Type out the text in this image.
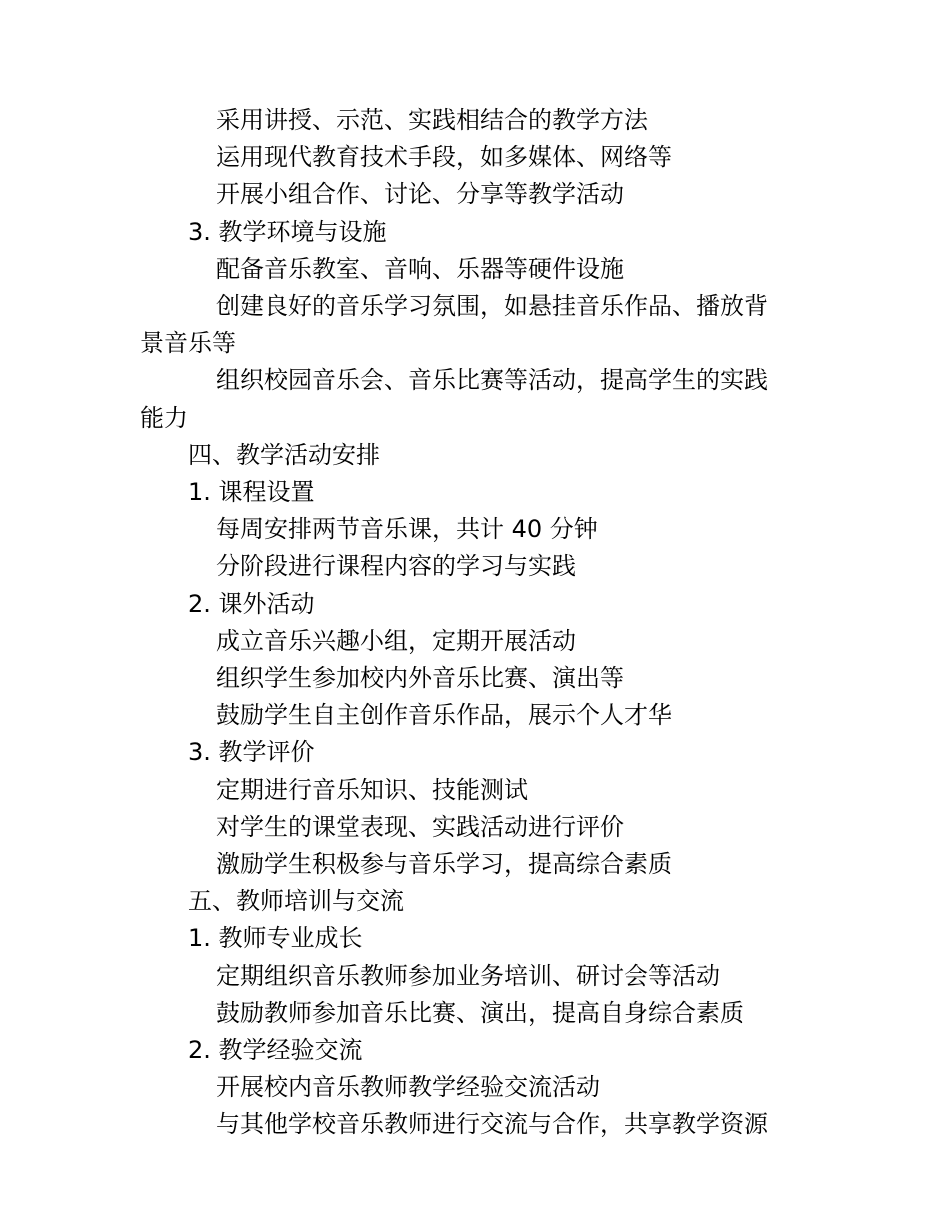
采用讲授、示范、实践相结合的教学方法

运用现代教育技术手段，如多媒体、网络等

开展小组合作、讨论、分享等教学活动

3. 教学环境与设施

配备音乐教室、音响、乐器等硬件设施

创建良好的音乐学习氛围，如悬挂音乐作品、播放背景音乐等

组织校园音乐会、音乐比赛等活动，提高学生的实践能力

四、教学活动安排

1. 课程设置

每周安排两节音乐课，共计 40 分钟

分阶段进行课程内容的学习与实践

2. 课外活动

成立音乐兴趣小组，定期开展活动

组织学生参加校内外音乐比赛、演出等

鼓励学生自主创作音乐作品，展示个人才华

3. 教学评价

定期进行音乐知识、技能测试

对学生的课堂表现、实践活动进行评价

激励学生积极参与音乐学习，提高综合素质

五、教师培训与交流

1. 教师专业成长

定期组织音乐教师参加业务培训、研讨会等活动

鼓励教师参加音乐比赛、演出，提高自身综合素质

2. 教学经验交流

开展校内音乐教师教学经验交流活动

与其他学校音乐教师进行交流与合作，共享教学资源
